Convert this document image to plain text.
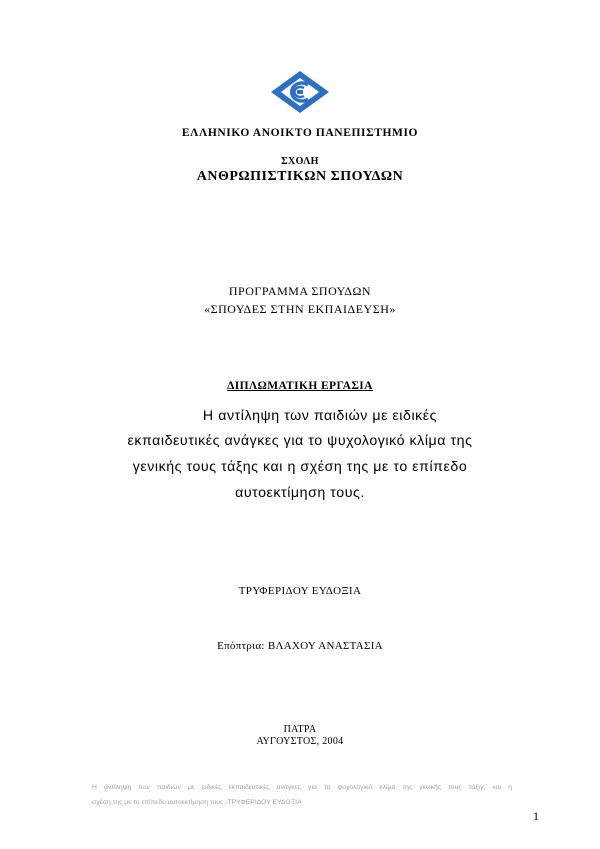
ΕΛΛΗΝΙΚΟ ΑΝΟΙΚΤΟ ΠΑΝΕΠΙΣΤΗΜΙΟ
ΣΧΟΛΗ
ΑΝΘΡΩΠΙΣΤΙΚΩΝ ΣΠΟΥΔΩΝ
ΠΡΟΓΡΑΜΜΑ ΣΠΟΥΔΩΝ
«ΣΠΟΥΔΕΣ ΣΤΗΝ ΕΚΠΑΙΔΕΥΣΗ»
ΔΙΠΛΩΜΑΤΙΚΗ ΕΡΓΑΣΙΑ
Η αντίληψη των παιδιών με ειδικές
εκπαιδευτικές ανάγκες για το ψυχολογικό κλίμα της
γενικής τους τάξης και η σχέση της με το επίπεδο
αυτοεκτίμηση τους.
ΤΡΥΦΕΡΙΔΟΥ ΕΥΔΟΞΙΑ
Επόπτρια: ΒΛΑΧΟΥ ΑΝΑΣΤΑΣΙΑ
ΠΑΤΡΑ
ΑΥΓΟΥΣΤΟΣ, 2004
Η αντίληψη των παιδιών με ειδικές εκπαιδευτικές ανάγκες για το ψυχολογικό κλίμα της γενικής τους τάξης και η
σχέση της με το επίπεδο αυτοεκτίμηση τους.-ΤΡΥΦΕΡΙΔΟΥ ΕΥΔΟΞΙΑ
1
